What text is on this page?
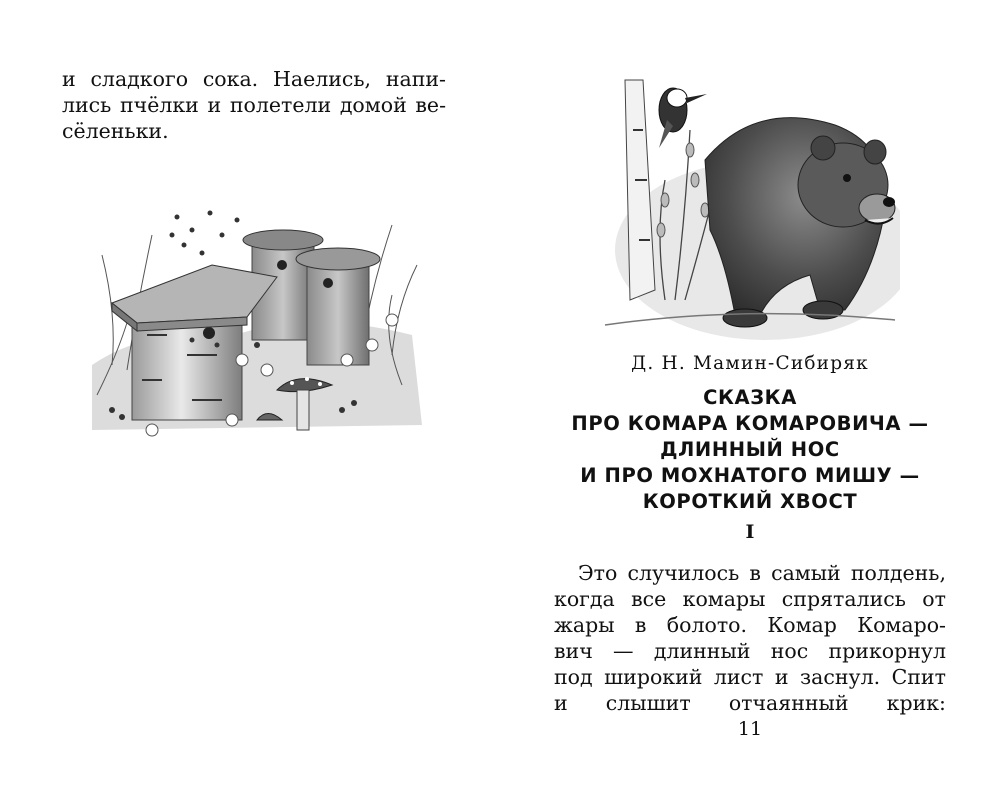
и сладкого сока. Наелись, напи-
лись пчёлки и полетели домой ве-
сёленьки.
Д. Н. Мамин-Сибиряк
СКАЗКА
ПРО КОМАРА КОМАРОВИЧА —
ДЛИННЫЙ НОС
И ПРО МОХНАТОГО МИШУ —
КОРОТКИЙ ХВОСТ
I
Это случилось в самый полдень,
когда все комары спрятались от
жары в болото. Комар Комаро-
вич — длинный нос прикорнул
под широкий лист и заснул. Спит
и слышит отчаянный крик:
11
